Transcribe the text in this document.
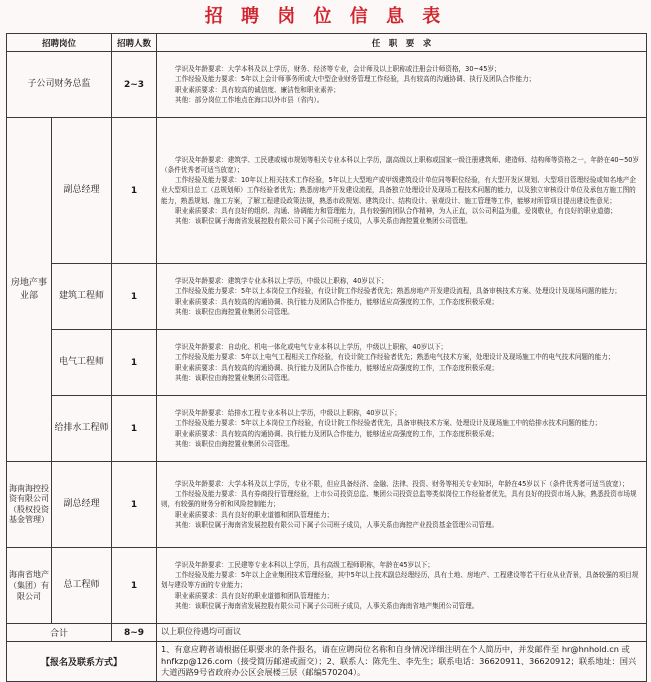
招 聘 岗 位 信 息 表
招聘岗位		招聘人数	任　职　要　求
子公司财务总监		2~3	学识及年龄要求：大学本科及以上学历，财务、经济等专业，会计师及以上职称或注册会计师资格，30~45岁；

工作经验及能力要求：5年以上会计师事务所或大中型企业财务管理工作经验，具有较高的沟通协调、执行及团队合作能力；

职业素质要求：具有较高的诚信度、廉洁性和职业素养；

其他：部分岗位工作地点在海口以外市县（省内）。

房地产事业部	副总经理	1	学识及年龄要求：建筑学、工民建或城市规划等相关专业本科以上学历，副高级以上职称或国家一级注册建筑师、建造师、结构师等资格之一，年龄在40~50岁（条件优秀者可适当放宽）；

工作经验及能力要求：10年以上相关技术工作经验，5年以上大型地产或甲级建筑设计单位同等职位经验，有大型开发区规划、大型项目管理经验或知名地产企业大型项目总工（总规划师）工作经验者优先；熟悉房地产开发建设流程，具备独立处理设计及现场工程技术问题的能力，以及独立审核设计单位及承包方施工图的能力，熟悉规划、施工方案，了解工程建设政策法规，熟悉市政规划、建筑设计、结构设计、景观设计、施工管理等工作，能够对所管项目提出建设性意见；

职业素质要求：具有良好的组织、沟通、协调能力和管理能力，具有较强的团队合作精神，为人正直，以公司利益为重，爱岗敬业，有良好的职业道德；

其他：该职位属于海南省发展控股有限公司下属子公司班子成员，人事关系由海控置业集团公司管理。

	建筑工程师	1	学识及年龄要求：建筑学专业本科以上学历，中级以上职称，40岁以下；

工作经验及能力要求：5年以上本岗位工作经验，有设计院工作经验者优先；熟悉房地产开发建设流程，具备审核技术方案、处理设计及现场问题的能力；

职业素质要求：具有较高的沟通协调、执行能力及团队合作能力，能够适应高强度的工作，工作态度积极乐观；

其他：该职位由海控置业集团公司管理。

	电气工程师	1	学识及年龄要求：自动化、机电一体化或电气专业本科以上学历，中级以上职称，40岁以下；

工作经验及能力要求：5年以上电气工程相关工作经验，有设计院工作经验者优先；熟悉电气技术方案，处理设计及现场施工中的电气技术问题的能力；

职业素质要求：具有较高的沟通协调、执行能力及团队合作能力，能够适应高强度的工作，工作态度积极乐观；

其他：该职位由海控置业集团公司管理。

	给排水工程师	1	学识及年龄要求：给排水工程专业本科以上学历，中级以上职称，40岁以下；

工作经验及能力要求：5年以上本岗位工作经验，有设计院工作经验者优先，具备审核技术方案、处理设计及现场施工中的给排水技术问题的能力；

职业素质要求：具有较高的沟通协调、执行能力及团队合作能力，能够适应高强度的工作，工作态度积极乐观；

其他：该职位由海控置业集团公司管理。

海南海控投资有限公司（股权投资基金管理）	副总经理	1	学识及年龄要求：大学本科及以上学历，专业不限，但应具备经济、金融、法律、投资、财务等相关专业知识，年龄在45岁以下（条件优秀者可适当放宽）；

工作经验及能力要求：具有券商投行管理经验，上市公司投资总监、集团公司投资总监等类似岗位工作经验者优先，具有良好的投资市场人脉，熟悉投资市场规则，有较强的财务分析和风险控制能力；

职业素质要求：具有良好的职业道德和团队管理能力；

其他：该职位属于海南省发展控股有限公司下属子公司班子成员，人事关系由海控产业投资基金管理公司管理。

海南省地产（集团）有限公司	总工程师	1	学识及年龄要求：工民建等专业本科以上学历，具有高级工程师职称，年龄在45岁以下；

工作经验及能力要求：5年以上企业集团技术管理经验，其中5年以上技术副总经理经历，具有土地、房地产、工程建设等若干行业从业背景，具备较强的项目规划与建设等方面的专业能力；

职业素质要求：具有良好的职业道德和团队管理能力；

其他：该职位属于海南省发展控股有限公司下属子公司班子成员，人事关系由海南省地产集团公司管理。

合计		8~9	以上职位待遇均可面议
【报名及联系方式】			1、有意应聘者请根据任职要求的条件报名，请在应聘岗位名称和自身情况详细注明在个人简历中，并发邮件至 hr@hnhold.cn 或 hnfkzp@126.com（接受简历邮递或面交）；2、联系人：陈先生、李先生；联系电话：36620911、36620912；联系地址：国兴大道西路9号省政府办公区会展楼三层（邮编570204）。
